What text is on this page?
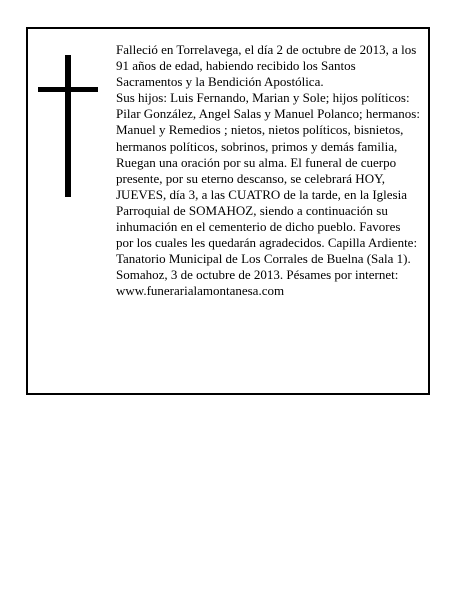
Falleció en Torrelavega, el día 2 de octubre de 2013, a los 91 años de edad, habiendo recibido los Santos Sacramentos y la Bendición Apostólica.

Sus hijos: Luis Fernando, Marian y Sole; hijos políticos: Pilar González, Angel Salas y Manuel Polanco; hermanos: Manuel y Remedios ; nietos, nietos políticos, bisnietos, hermanos políticos, sobrinos, primos y demás familia,

Ruegan una oración por su alma. El funeral de cuerpo presente, por su eterno descanso, se celebrará HOY, JUEVES, día 3, a las CUATRO de la tarde, en la Iglesia Parroquial de SOMAHOZ, siendo a continuación su inhumación en el cementerio de dicho pueblo. Favores por los cuales les quedarán agradecidos. Capilla Ardiente: Tanatorio Municipal de Los Corrales de Buelna (Sala 1).

Somahoz, 3 de octubre de 2013. Pésames por internet: www.funerarialamontanesa.com
